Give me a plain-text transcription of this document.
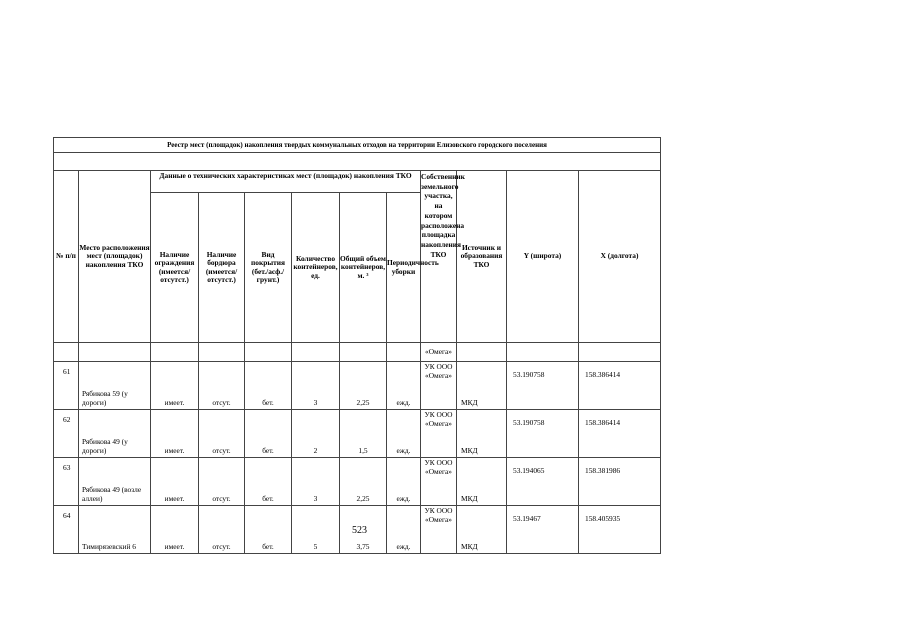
Реестр мест (площадок) накопления твердых коммунальных отходов на территории Елизовского городского поселения											

№ п/п	Место расположения мест (площадок) накопления ТКО	Данные о технических характеристиках мест (площадок) накопления ТКО						Собственник земельного участка, на котором расположена площадка накопления ТКО	Источник и образования ТКО	Y (широта)	X (долгота)
		Наличие ограждения (имеется/ отсутст.)	Наличие бордюра (имеется/ отсутст.)	Вид покрытия (бет./асф./ грунт.)	Количество контейнеров, ед.	Общий объем контейнеров, м. ³	Периодичность уборки				
								«Омега»			
61	Рябикова 59 (у дороги)	имеет.	отсут.	бет.	3	2,25	ежд.	УК ООО «Омега»	МКД	53.190758	158.386414
62	Рябикова 49 (у дороги)	имеет.	отсут.	бет.	2	1,5	ежд.	УК ООО «Омега»	МКД	53.190758	158.386414
63	Рябикова 49 (возле аллеи)	имеет.	отсут.	бет.	3	2,25	ежд.	УК ООО «Омега»	МКД	53.194065	158.381986
64	Тимирязевский 6	имеет.	отсут.	бет.	5	3,75	ежд.	УК ООО «Омега»	МКД	53.19467	158.405935
523
